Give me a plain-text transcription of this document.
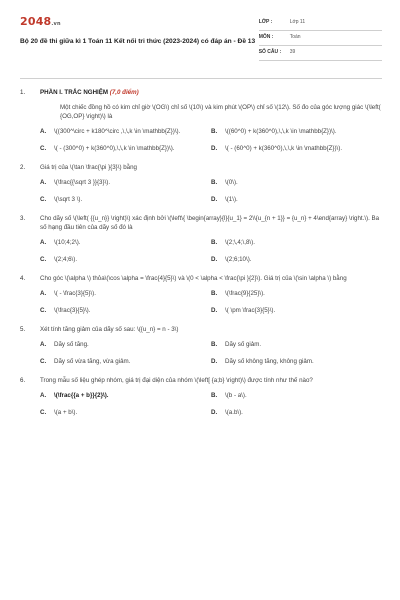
2048.vn
Bộ 20 đề thi giữa kì 1 Toán 11 Kết nối tri thức (2023-2024) có đáp án - Đề 13
LỚP :	Lớp 11
MÔN :	Toán
SỐ CÂU :	39
1.	PHẦN I. TRẮC NGHIỆM (7,0 điểm)
Một chiếc đồng hồ có kim chỉ giờ \(OG\) chỉ số \(10\) và kim phút \(OP\) chỉ số \(12\). Số đo của góc lượng giác \(\left( {OG,OP} \right)\) là
A.	\((300^\circ + k180^\circ ,\,\,k \in \mathbb{Z})\).	B.	\((60^0) + k(360^0),\,\,k \in \mathbb{Z})\).
C.	\( - (300^0) + k(360^0),\,\,k \in \mathbb{Z})\).	D.	\( - (60^0) + k(360^0),\,\,k \in \mathbb{Z})\).
2.	Giá trị của \(\tan \frac{\pi }{3}\) bằng
A.	\(\frac{{\sqrt 3 }}{3}\).	B.	\(0\).
C.	\(\sqrt 3 \).	D.	\(1\).
3.	Cho dãy số \(\left( {{u_n}} \right)\) xác định bởi \(\left\{ \begin{array}{l}{u_1} = 2\\{u_{n + 1}} = {u_n} + 4\end{array} \right.\). Ba số hạng đầu tiên của dãy số đó là
A.	\(10;4;2\).	B.	\(2;\,4;\,8\).
C.	\(2;4;6\).	D.	\(2;6;10\).
4.	Cho góc \(\alpha \) thỏa\(\cos \alpha = \frac{4}{5}\) và \(0 < \alpha < \frac{\pi }{2}\). Giá trị của \(\sin \alpha \) bằng
A.	\( - \frac{3}{5}\).	B.	\(\frac{9}{25}\).
C.	\(\frac{3}{5}\).	D.	\( \pm \frac{3}{5}\).
5.	Xét tính tăng giảm của dãy số sau: \({u_n} = n - 3\)
A.	Dãy số tăng.	B.	Dãy số giảm.
C.	Dãy số vừa tăng, vừa giảm.	D.	Dãy số không tăng, không giảm.
6.	Trong mẫu số liệu ghép nhóm, giá trị đại diện của nhóm \(\left[ {a;b} \right)\) được tính như thế nào?
A.	\(\frac{{a + b}}{2}\).	B.	\(b - a\).
C.	\(a + b\).	D.	\(a.b\).
